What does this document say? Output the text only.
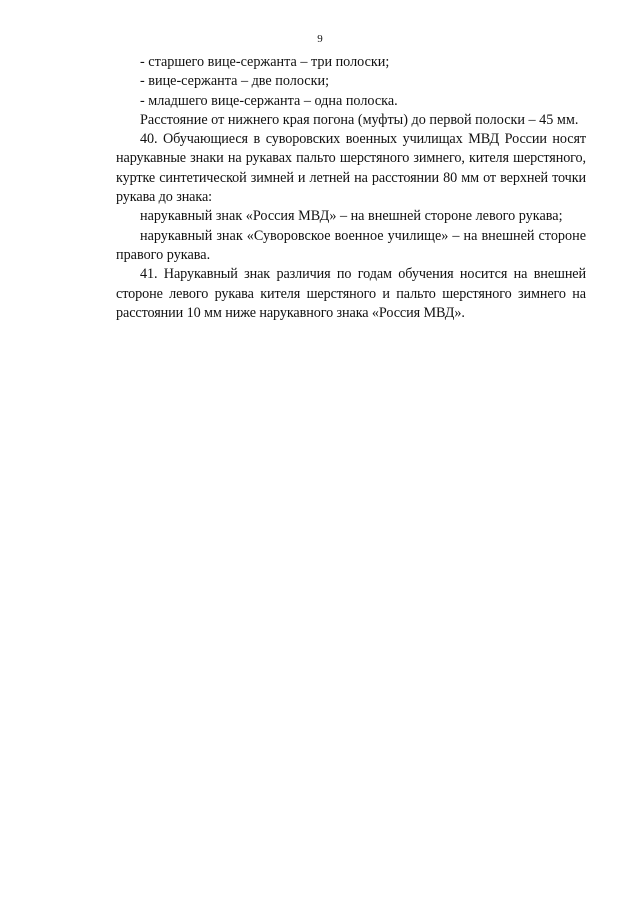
9

- старшего вице-сержанта – три полоски;

- вице-сержанта – две полоски;

- младшего вице-сержанта – одна полоска.

Расстояние от нижнего края погона (муфты) до первой полоски – 45 мм.

40. Обучающиеся в суворовских военных училищах МВД России носят нарукавные знаки на рукавах пальто шерстяного зимнего, кителя шерстяного, куртке синтетической зимней и летней на расстоянии 80 мм от верхней точки рукава до знака:

нарукавный знак «Россия МВД» – на внешней стороне левого рукава;

нарукавный знак «Суворовское военное училище» – на внешней стороне правого рукава.

41. Нарукавный знак различия по годам обучения носится на внешней стороне левого рукава кителя шерстяного и пальто шерстяного зимнего на расстоянии 10 мм ниже нарукавного знака «Россия МВД».
